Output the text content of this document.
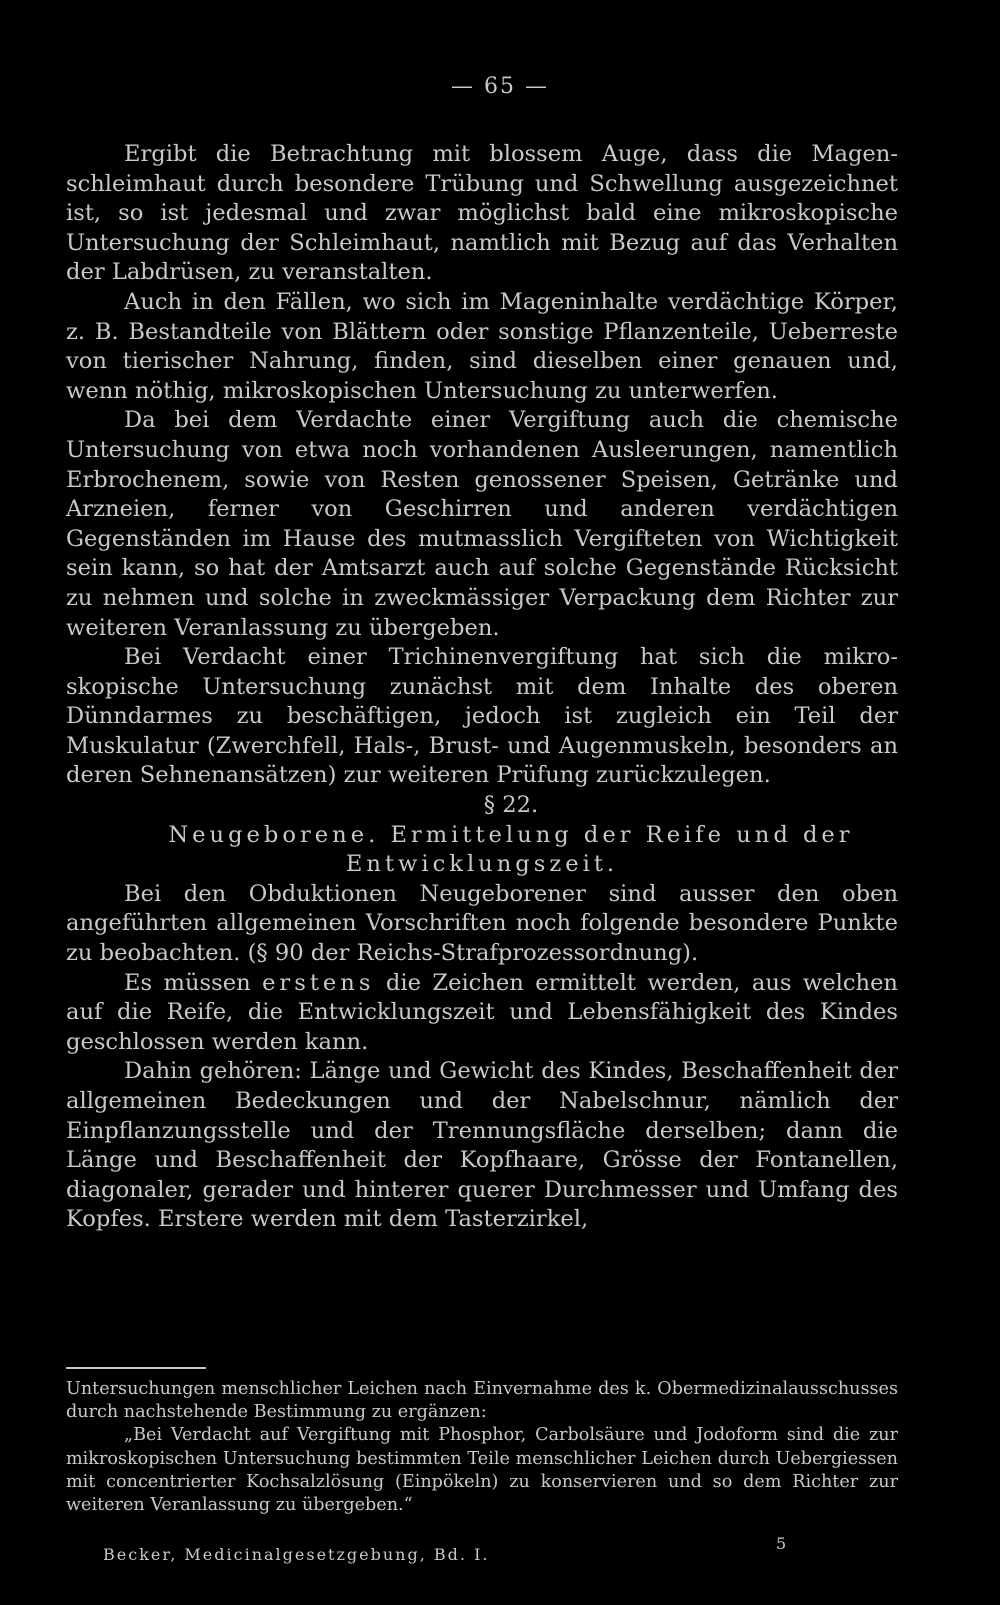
— 65 —

Ergibt die Betrachtung mit blossem Auge, dass die Magenschleimhaut durch besondere Trübung und Schwellung ausgezeichnet ist, so ist jedesmal und zwar möglichst bald eine mikroskopische Untersuchung der Schleimhaut, namtlich mit Bezug auf das Verhalten der Labdrüsen, zu veranstalten.

Auch in den Fällen, wo sich im Mageninhalte verdächtige Körper, z. B. Bestandteile von Blättern oder sonstige Pflanzenteile, Ueberreste von tierischer Nahrung, finden, sind dieselben einer genauen und, wenn nöthig, mikroskopischen Untersuchung zu unterwerfen.

Da bei dem Verdachte einer Vergiftung auch die chemische Untersuchung von etwa noch vorhandenen Ausleerungen, namentlich Erbrochenem, sowie von Resten genossener Speisen, Getränke und Arzneien, ferner von Geschirren und anderen verdächtigen Gegenständen im Hause des mutmasslich Vergifteten von Wichtigkeit sein kann, so hat der Amtsarzt auch auf solche Gegenstände Rücksicht zu nehmen und solche in zweckmässiger Verpackung dem Richter zur weiteren Veranlassung zu übergeben.

Bei Verdacht einer Trichinenvergiftung hat sich die mikroskopische Untersuchung zunächst mit dem Inhalte des oberen Dünndarmes zu beschäftigen, jedoch ist zugleich ein Teil der Muskulatur (Zwerchfell, Hals-, Brust- und Augenmuskeln, besonders an deren Sehnenansätzen) zur weiteren Prüfung zurückzulegen.

§ 22.

Neugeborene. Ermittelung der Reife und der Entwicklungszeit.

Bei den Obduktionen Neugeborener sind ausser den oben angeführten allgemeinen Vorschriften noch folgende besondere Punkte zu beobachten. (§ 90 der Reichs-Strafprozessordnung).

Es müssen erstens die Zeichen ermittelt werden, aus welchen auf die Reife, die Entwicklungszeit und Lebensfähigkeit des Kindes geschlossen werden kann.

Dahin gehören: Länge und Gewicht des Kindes, Beschaffenheit der allgemeinen Bedeckungen und der Nabelschnur, nämlich der Einpflanzungsstelle und der Trennungsfläche derselben; dann die Länge und Beschaffenheit der Kopfhaare, Grösse der Fontanellen, diagonaler, gerader und hinterer querer Durchmesser und Umfang des Kopfes. Erstere werden mit dem Tasterzirkel,

Untersuchungen menschlicher Leichen nach Einvernahme des k. Obermedizinalausschusses durch nachstehende Bestimmung zu ergänzen:

„Bei Verdacht auf Vergiftung mit Phosphor, Carbolsäure und Jodoform sind die zur mikroskopischen Untersuchung bestimmten Teile menschlicher Leichen durch Uebergiessen mit concentrierter Kochsalzlösung (Einpökeln) zu konservieren und so dem Richter zur weiteren Veranlassung zu übergeben.“

Becker, Medicinalgesetzgebung, Bd. I.
5
